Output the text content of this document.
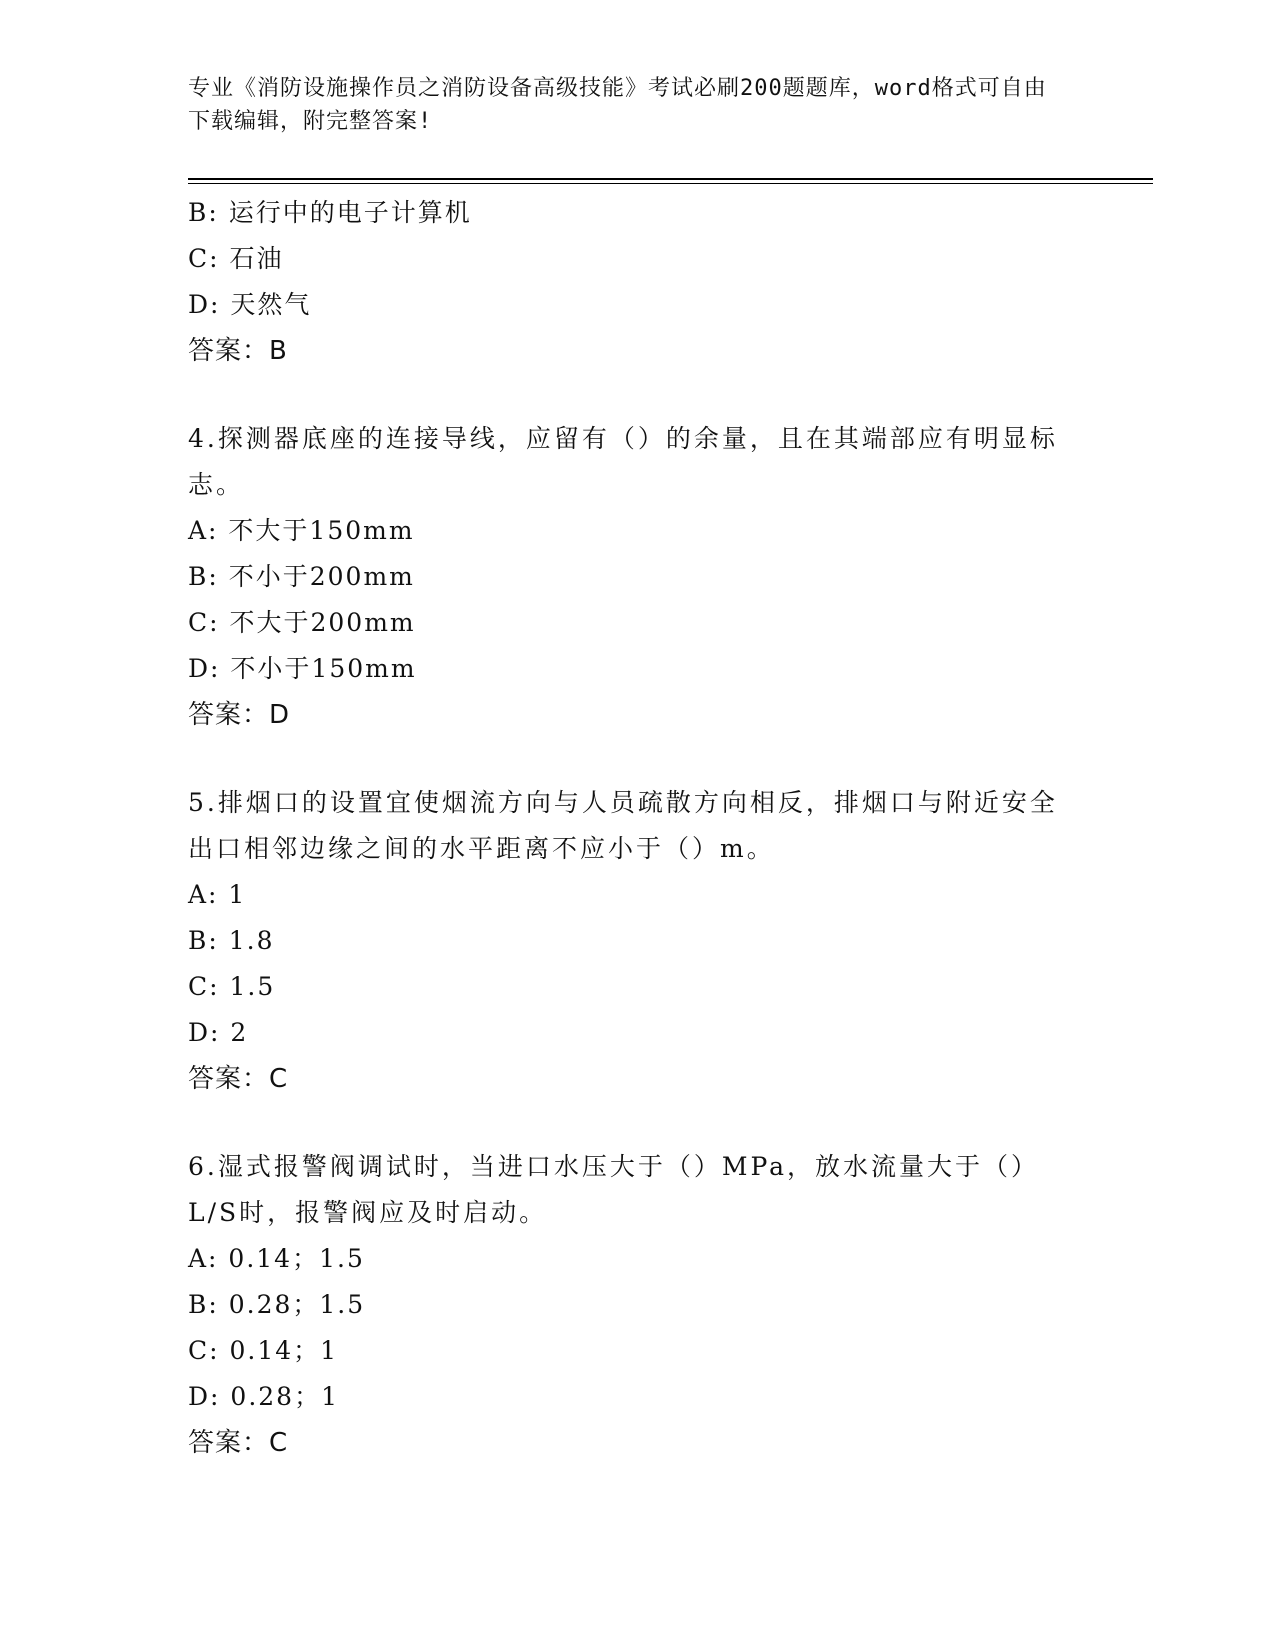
专业《消防设施操作员之消防设备高级技能》考试必刷200题题库，word格式可自由下载编辑，附完整答案!
B: 运行中的电子计算机
C: 石油
D: 天然气
答案：B
4.探测器底座的连接导线，应留有（）的余量，且在其端部应有明显标志。
A: 不大于150mm
B: 不小于200mm
C: 不大于200mm
D: 不小于150mm
答案：D
5.排烟口的设置宜使烟流方向与人员疏散方向相反，排烟口与附近安全出口相邻边缘之间的水平距离不应小于（）m。
A: 1
B: 1.8
C: 1.5
D: 2
答案：C
6.湿式报警阀调试时，当进口水压大于（）MPa，放水流量大于（）L/S时，报警阀应及时启动。
A: 0.14；1.5
B: 0.28；1.5
C: 0.14；1
D: 0.28；1
答案：C
